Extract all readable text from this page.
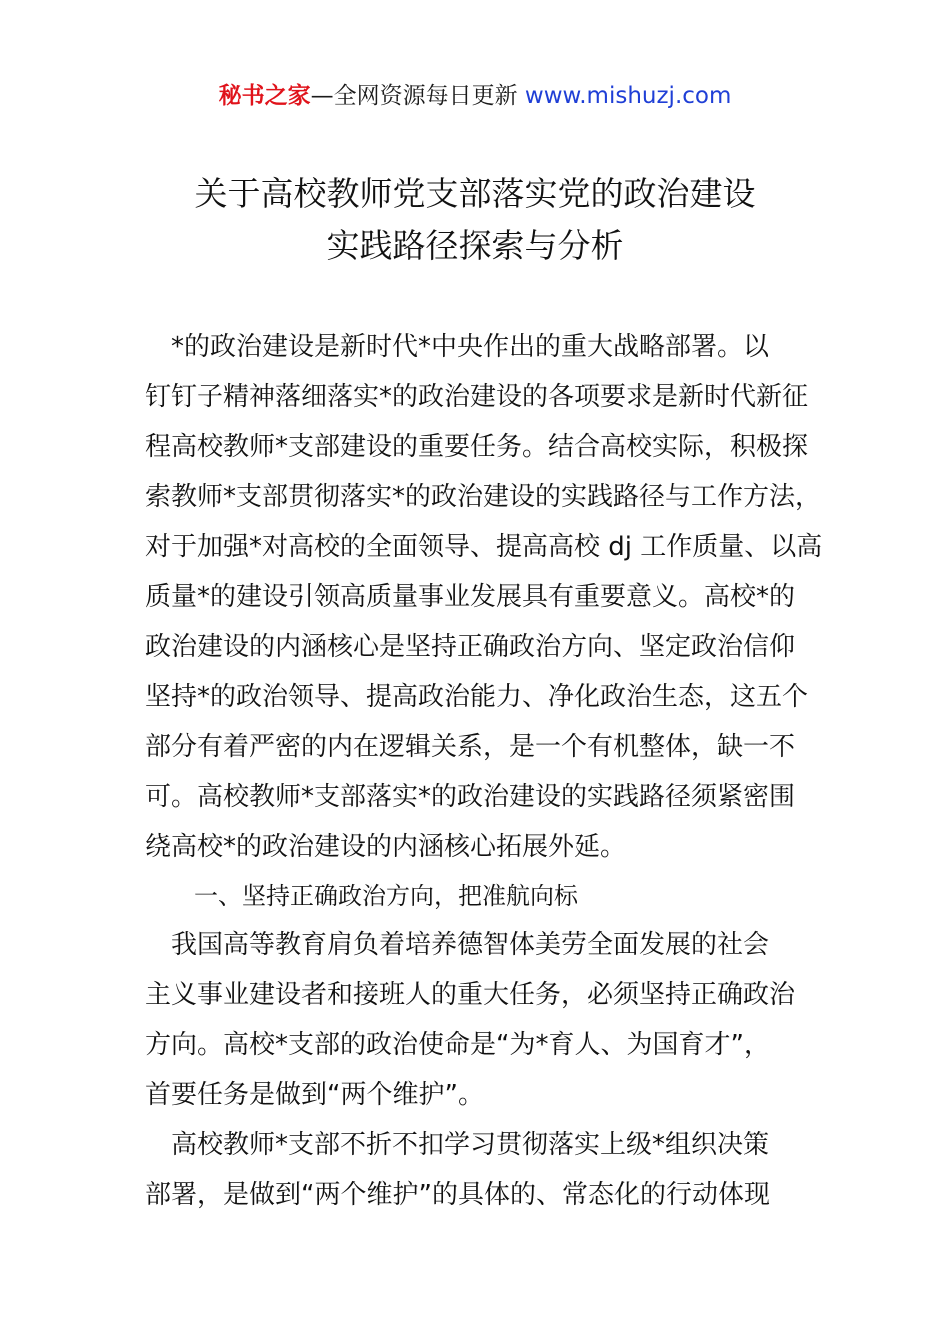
秘书之家—全网资源每日更新 www.mishuzj.com
关于高校教师党支部落实党的政治建设
实践路径探索与分析
　*的政治建设是新时代*中央作出的重大战略部署。以
钉钉子精神落细落实*的政治建设的各项要求是新时代新征
程高校教师*支部建设的重要任务。结合高校实际，积极探
索教师*支部贯彻落实*的政治建设的实践路径与工作方法，
对于加强*对高校的全面领导、提高高校 dj 工作质量、以高
质量*的建设引领高质量事业发展具有重要意义。高校*的
政治建设的内涵核心是坚持正确政治方向、坚定政治信仰
坚持*的政治领导、提高政治能力、净化政治生态，这五个
部分有着严密的内在逻辑关系，是一个有机整体，缺一不
可。高校教师*支部落实*的政治建设的实践路径须紧密围
绕高校*的政治建设的内涵核心拓展外延。
一、坚持正确政治方向，把准航向标
　我国高等教育肩负着培养德智体美劳全面发展的社会
主义事业建设者和接班人的重大任务，必须坚持正确政治
方向。高校*支部的政治使命是“为*育人、为国育才”，
首要任务是做到“两个维护”。
　高校教师*支部不折不扣学习贯彻落实上级*组织决策
部署，是做到“两个维护”的具体的、常态化的行动体现
